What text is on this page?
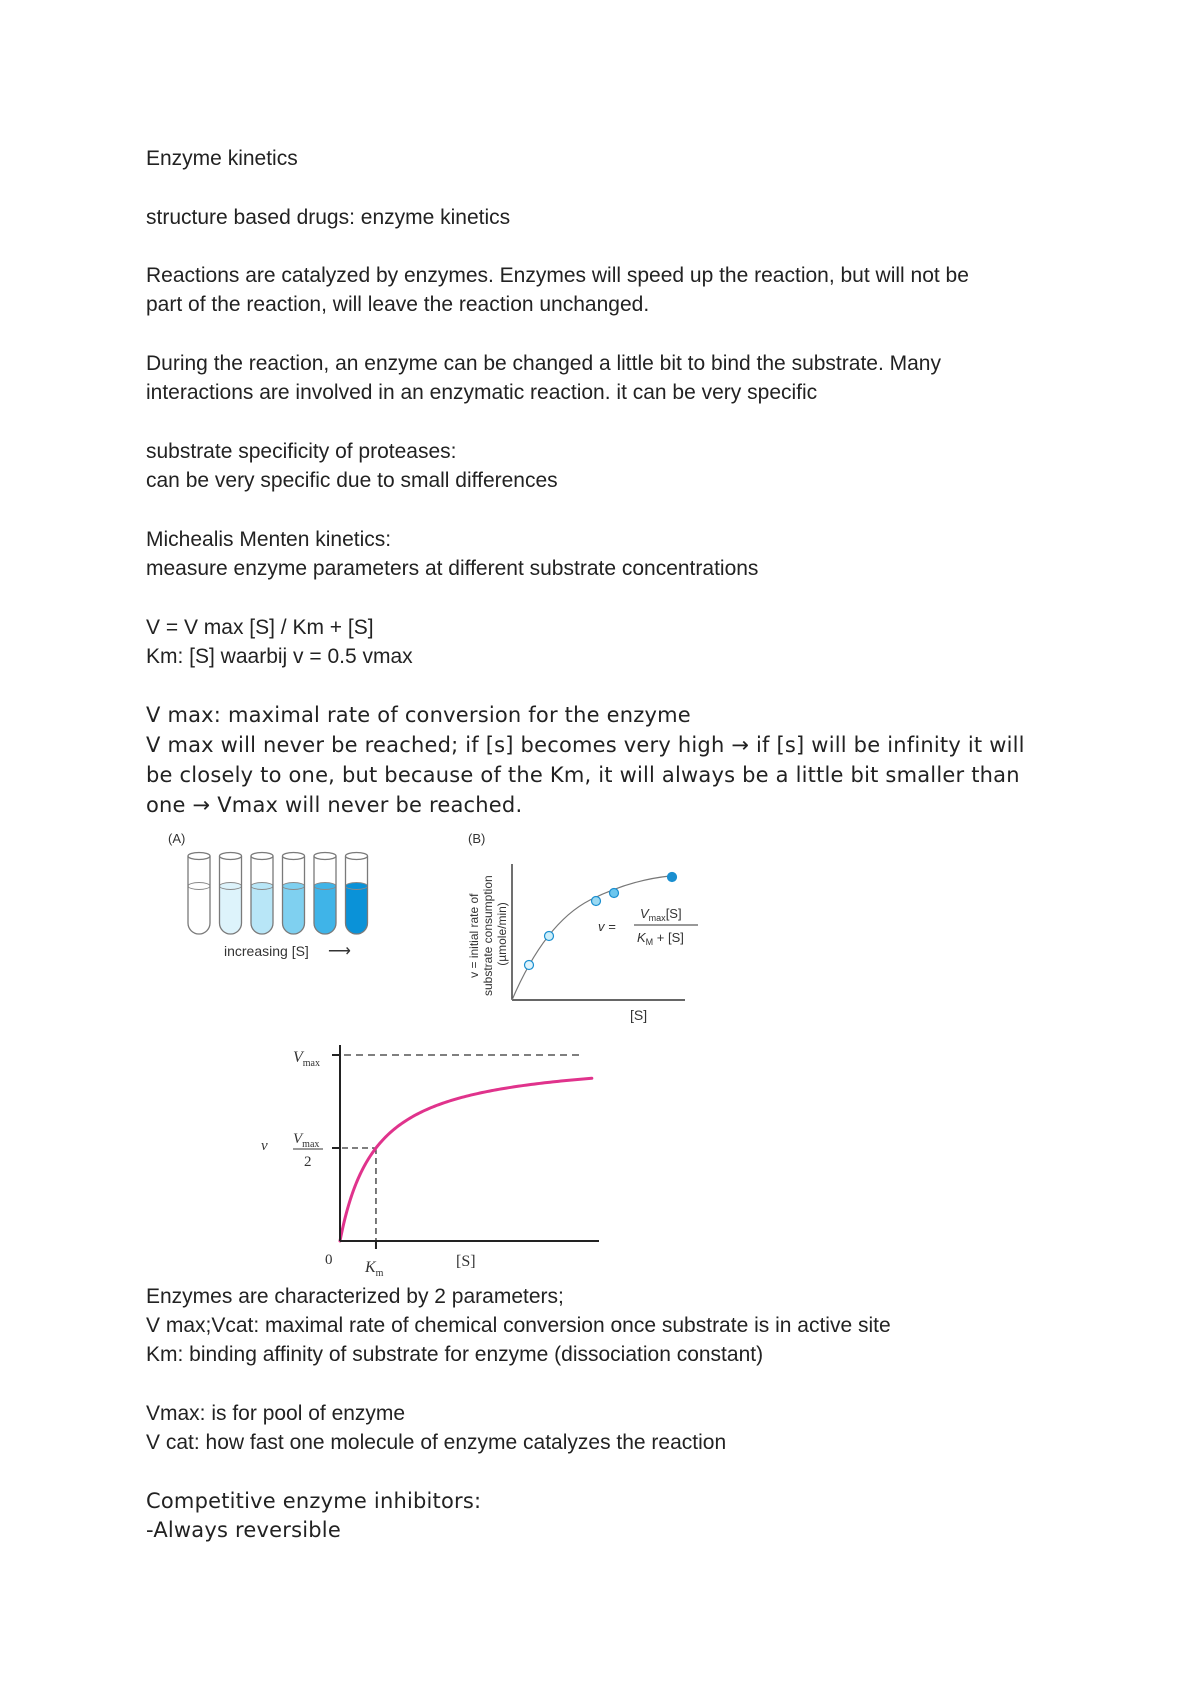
Enzyme kinetics
structure based drugs: enzyme kinetics
Reactions are catalyzed by enzymes. Enzymes will speed up the reaction, but will not be
part of the reaction, will leave the reaction unchanged.
During the reaction, an enzyme can be changed a little bit to bind the substrate. Many
interactions are involved in an enzymatic reaction. it can be very specific
substrate specificity of proteases:
can be very specific due to small differences
Michealis Menten kinetics:
measure enzyme parameters at different substrate concentrations
V = V max [S] / Km + [S]
Km: [S] waarbij v = 0.5 vmax
V max: maximal rate of conversion for the enzyme
V max will never be reached; if [s] becomes very high → if [s] will be infinity it will
be closely to one, but because of the Km, it will always be a little bit smaller than
one → Vmax will never be reached.
(A)
increasing [S] ⟶
(B)
v = initial rate of substrate consumption (µmole/min)
[S]
v =
$V_{max}[S]$
$K_M + [S]$
v
$V_{max}$
$V_{max}$
2
0 $K_m$
[S]
Enzymes are characterized by 2 parameters;
V max;Vcat: maximal rate of chemical conversion once substrate is in active site
Km: binding affinity of substrate for enzyme (dissociation constant)
Vmax: is for pool of enzyme
V cat: how fast one molecule of enzyme catalyzes the reaction
Competitive enzyme inhibitors:
-Always reversible
